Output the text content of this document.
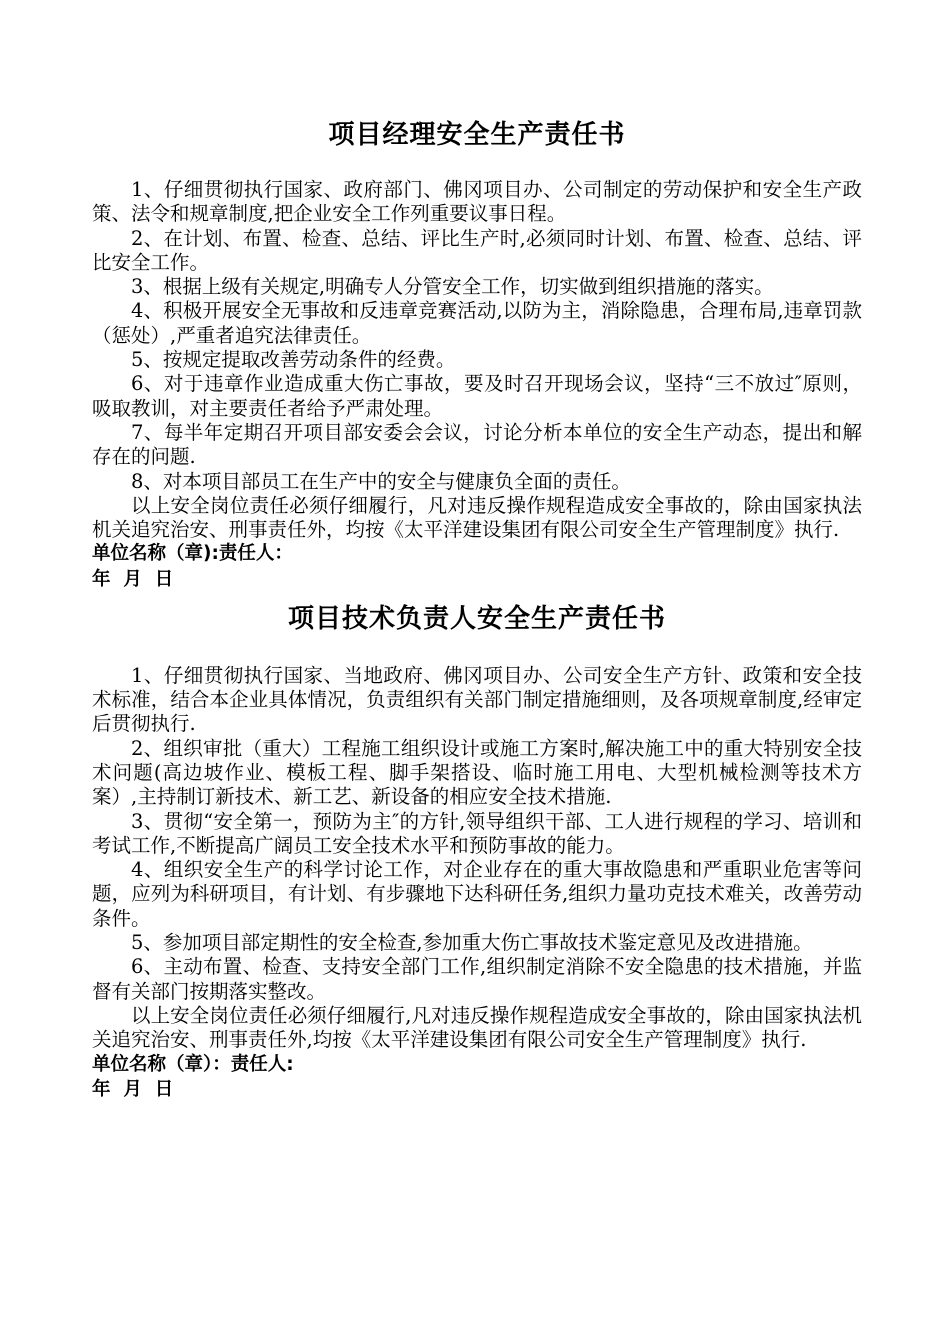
项目经理安全生产责任书

1、仔细贯彻执行国家、政府部门、佛冈项目办、公司制定的劳动保护和安全生产政策、法令和规章制度,把企业安全工作列重要议事日程。

2、在计划、布置、检查、总结、评比生产时,必须同时计划、布置、检查、总结、评比安全工作。

3、根据上级有关规定,明确专人分管安全工作，切实做到组织措施的落实。

4、积极开展安全无事故和反违章竞赛活动,以防为主，消除隐患，合理布局,违章罚款（惩处）,严重者追究法律责任。

5、按规定提取改善劳动条件的经费。

6、对于违章作业造成重大伤亡事故，要及时召开现场会议，坚持“三不放过″原则，吸取教训，对主要责任者给予严肃处理。

7、每半年定期召开项目部安委会会议，讨论分析本单位的安全生产动态，提出和解存在的问题.

8、对本项目部员工在生产中的安全与健康负全面的责任。

以上安全岗位责任必须仔细履行，凡对违反操作规程造成安全事故的，除由国家执法机关追究治安、刑事责任外，均按《太平洋建设集团有限公司安全生产管理制度》执行.

单位名称（章):责任人：

年  月  日

项目技术负责人安全生产责任书

1、仔细贯彻执行国家、当地政府、佛冈项目办、公司安全生产方针、政策和安全技术标准，结合本企业具体情况，负责组织有关部门制定措施细则，及各项规章制度,经审定后贯彻执行.

2、组织审批（重大）工程施工组织设计或施工方案时,解决施工中的重大特别安全技术问题(高边坡作业、模板工程、脚手架搭设、临时施工用电、大型机械检测等技术方案）,主持制订新技术、新工艺、新设备的相应安全技术措施.

3、贯彻“安全第一，预防为主″的方针,领导组织干部、工人进行规程的学习、培训和考试工作,不断提高广阔员工安全技术水平和预防事故的能力。

4、组织安全生产的科学讨论工作，对企业存在的重大事故隐患和严重职业危害等问题，应列为科研项目，有计划、有步骤地下达科研任务,组织力量功克技术难关，改善劳动条件。

5、参加项目部定期性的安全检查,参加重大伤亡事故技术鉴定意见及改进措施。

6、主动布置、检查、支持安全部门工作,组织制定消除不安全隐患的技术措施，并监督有关部门按期落实整改。

以上安全岗位责任必须仔细履行,凡对违反操作规程造成安全事故的，除由国家执法机关追究治安、刑事责任外,均按《太平洋建设集团有限公司安全生产管理制度》执行.

单位名称（章）：责任人:

年  月  日
